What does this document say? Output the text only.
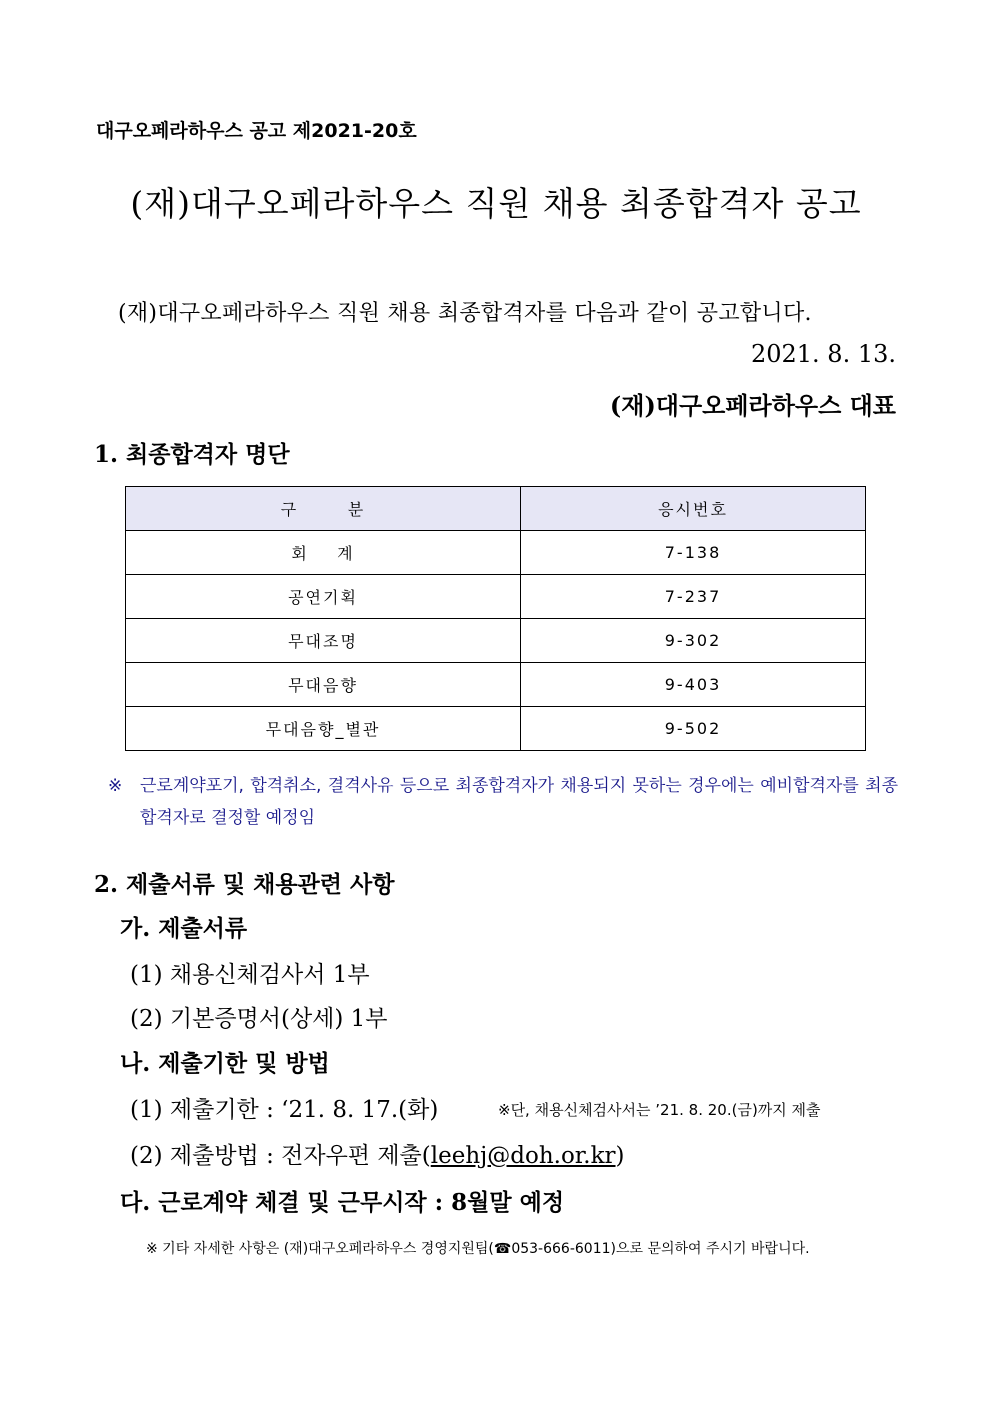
대구오페라하우스 공고 제2021-20호
(재)대구오페라하우스 직원 채용 최종합격자 공고
(재)대구오페라하우스 직원 채용 최종합격자를 다음과 같이 공고합니다.
2021. 8. 13.
(재)대구오페라하우스 대표
1. 최종합격자 명단
구       분	응시번호
회    계	7-138
공연기획	7-237
무대조명	9-302
무대음향	9-403
무대음향_별관	9-502
※ 근로계약포기, 합격취소, 결격사유 등으로 최종합격자가 채용되지 못하는 경우에는 예비합격자를 최종합격자로 결정할 예정임
2. 제출서류 및 채용관련 사항
가. 제출서류
(1) 채용신체검사서 1부
(2) 기본증명서(상세) 1부
나. 제출기한 및 방법
(1) 제출기한 : ‘21. 8. 17.(화)	※단, 채용신체검사서는 ’21. 8. 20.(금)까지 제출
(2) 제출방법 : 전자우편 제출(leehj@doh.or.kr)
다. 근로계약 체결 및 근무시작 : 8월말 예정
※ 기타 자세한 사항은 (재)대구오페라하우스 경영지원팀(☎053-666-6011)으로 문의하여 주시기 바랍니다.
